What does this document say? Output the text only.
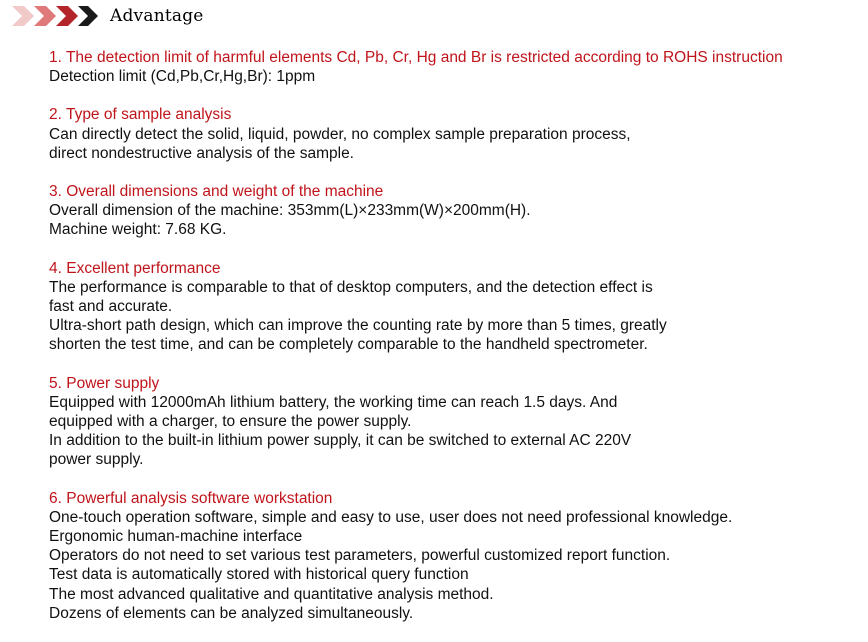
Advantage
1. The detection limit of harmful elements Cd, Pb, Cr, Hg and Br is restricted according to ROHS instruction
Detection limit (Cd,Pb,Cr,Hg,Br): 1ppm
2. Type of sample analysis
Can directly detect the solid, liquid, powder, no complex sample preparation process,
direct nondestructive analysis of the sample.
3. Overall dimensions and weight of the machine
Overall dimension of the machine: 353mm(L)×233mm(W)×200mm(H).
Machine weight: 7.68 KG.
4. Excellent performance
The performance is comparable to that of desktop computers, and the detection effect is
fast and accurate.
Ultra-short path design, which can improve the counting rate by more than 5 times, greatly
shorten the test time, and can be completely comparable to the handheld spectrometer.
5. Power supply
Equipped with 12000mAh lithium battery, the working time can reach 1.5 days. And
equipped with a charger, to ensure the power supply.
In addition to the built-in lithium power supply, it can be switched to external AC 220V
power supply.
6. Powerful analysis software workstation
One-touch operation software, simple and easy to use, user does not need professional knowledge.
Ergonomic human-machine interface
Operators do not need to set various test parameters, powerful customized report function.
Test data is automatically stored with historical query function
The most advanced qualitative and quantitative analysis method.
Dozens of elements can be analyzed simultaneously.
